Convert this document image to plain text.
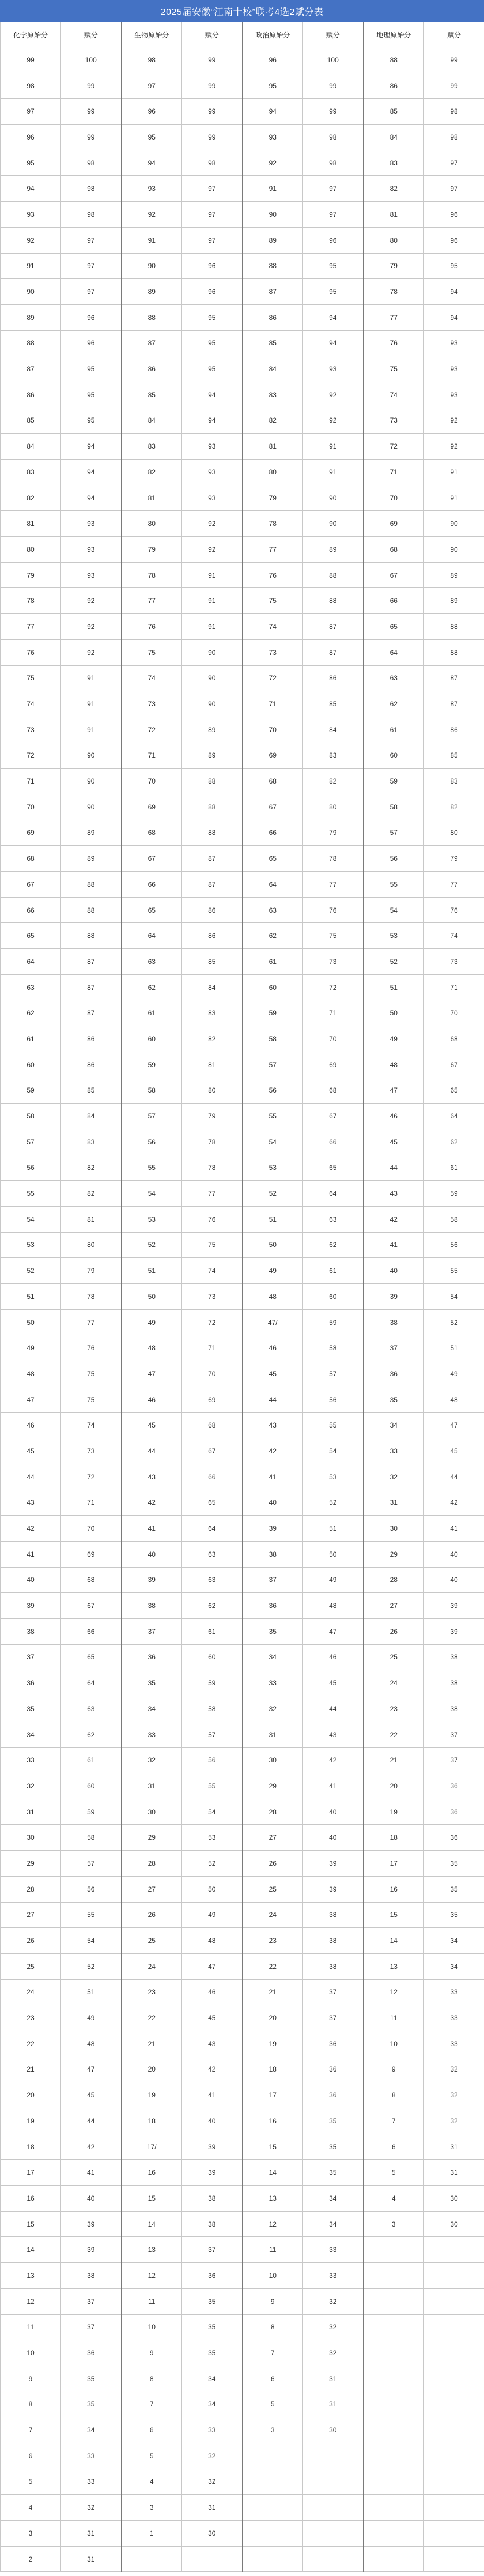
2025届安徽“江南十校”联考4选2赋分表
化学原始分	赋分	生物原始分	赋分	政治原始分	赋分	地理原始分	赋分
99	100	98	99	96	100	88	99
98	99	97	99	95	99	86	99
97	99	96	99	94	99	85	98
96	99	95	99	93	98	84	98
95	98	94	98	92	98	83	97
94	98	93	97	91	97	82	97
93	98	92	97	90	97	81	96
92	97	91	97	89	96	80	96
91	97	90	96	88	95	79	95
90	97	89	96	87	95	78	94
89	96	88	95	86	94	77	94
88	96	87	95	85	94	76	93
87	95	86	95	84	93	75	93
86	95	85	94	83	92	74	93
85	95	84	94	82	92	73	92
84	94	83	93	81	91	72	92
83	94	82	93	80	91	71	91
82	94	81	93	79	90	70	91
81	93	80	92	78	90	69	90
80	93	79	92	77	89	68	90
79	93	78	91	76	88	67	89
78	92	77	91	75	88	66	89
77	92	76	91	74	87	65	88
76	92	75	90	73	87	64	88
75	91	74	90	72	86	63	87
74	91	73	90	71	85	62	87
73	91	72	89	70	84	61	86
72	90	71	89	69	83	60	85
71	90	70	88	68	82	59	83
70	90	69	88	67	80	58	82
69	89	68	88	66	79	57	80
68	89	67	87	65	78	56	79
67	88	66	87	64	77	55	77
66	88	65	86	63	76	54	76
65	88	64	86	62	75	53	74
64	87	63	85	61	73	52	73
63	87	62	84	60	72	51	71
62	87	61	83	59	71	50	70
61	86	60	82	58	70	49	68
60	86	59	81	57	69	48	67
59	85	58	80	56	68	47	65
58	84	57	79	55	67	46	64
57	83	56	78	54	66	45	62
56	82	55	78	53	65	44	61
55	82	54	77	52	64	43	59
54	81	53	76	51	63	42	58
53	80	52	75	50	62	41	56
52	79	51	74	49	61	40	55
51	78	50	73	48	60	39	54
50	77	49	72	47/	59	38	52
49	76	48	71	46	58	37	51
48	75	47	70	45	57	36	49
47	75	46	69	44	56	35	48
46	74	45	68	43	55	34	47
45	73	44	67	42	54	33	45
44	72	43	66	41	53	32	44
43	71	42	65	40	52	31	42
42	70	41	64	39	51	30	41
41	69	40	63	38	50	29	40
40	68	39	63	37	49	28	40
39	67	38	62	36	48	27	39
38	66	37	61	35	47	26	39
37	65	36	60	34	46	25	38
36	64	35	59	33	45	24	38
35	63	34	58	32	44	23	38
34	62	33	57	31	43	22	37
33	61	32	56	30	42	21	37
32	60	31	55	29	41	20	36
31	59	30	54	28	40	19	36
30	58	29	53	27	40	18	36
29	57	28	52	26	39	17	35
28	56	27	50	25	39	16	35
27	55	26	49	24	38	15	35
26	54	25	48	23	38	14	34
25	52	24	47	22	38	13	34
24	51	23	46	21	37	12	33
23	49	22	45	20	37	11	33
22	48	21	43	19	36	10	33
21	47	20	42	18	36	9	32
20	45	19	41	17	36	8	32
19	44	18	40	16	35	7	32
18	42	17/	39	15	35	6	31
17	41	16	39	14	35	5	31
16	40	15	38	13	34	4	30
15	39	14	38	12	34	3	30
14	39	13	37	11	33		
13	38	12	36	10	33		
12	37	11	35	9	32		
11	37	10	35	8	32		
10	36	9	35	7	32		
9	35	8	34	6	31		
8	35	7	34	5	31		
7	34	6	33	3	30		
6	33	5	32				
5	33	4	32				
4	32	3	31				
3	31	1	30				
2	31						
